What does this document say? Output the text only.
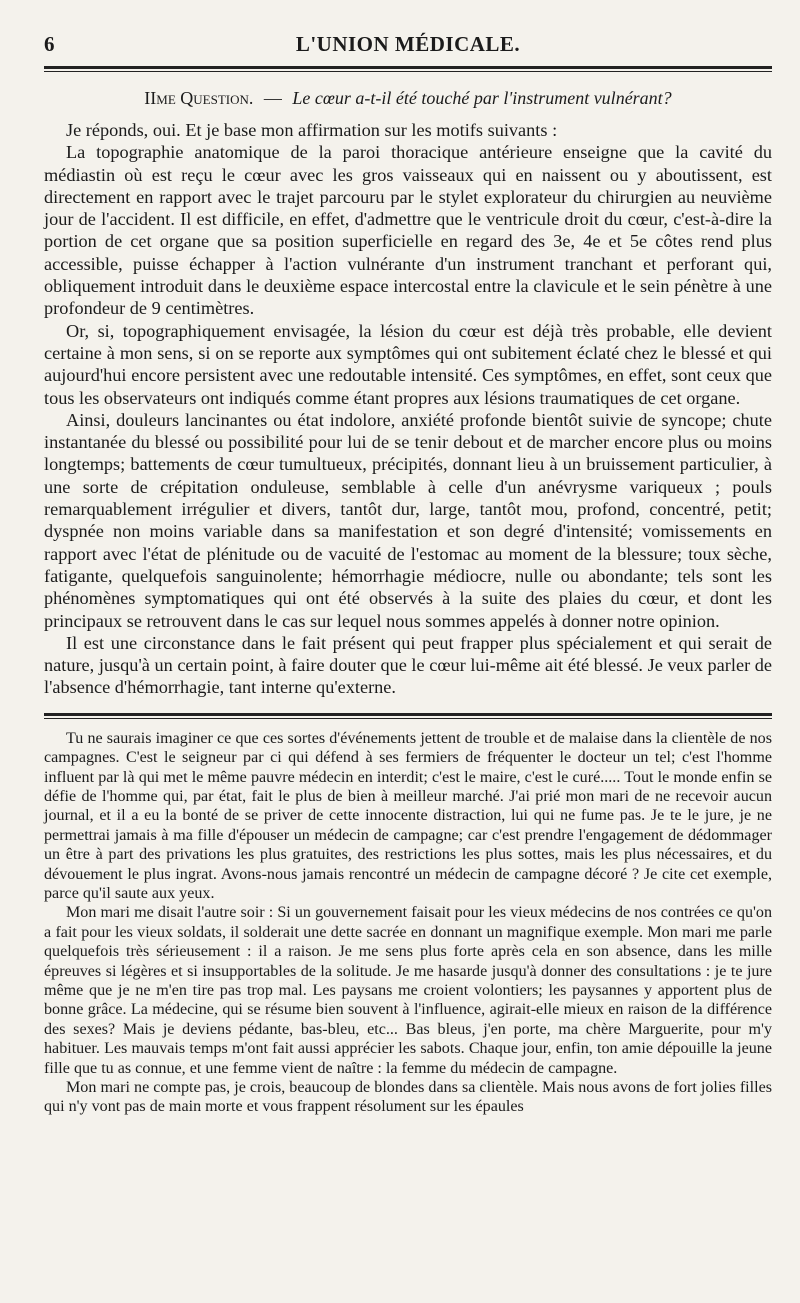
6	L'UNION MÉDICALE.
IIme Question. — Le cœur a-t-il été touché par l'instrument vulnérant?

Je réponds, oui. Et je base mon affirmation sur les motifs suivants :

La topographie anatomique de la paroi thoracique antérieure enseigne que la cavité du médiastin où est reçu le cœur avec les gros vaisseaux qui en naissent ou y aboutissent, est directement en rapport avec le trajet parcouru par le stylet explorateur du chirurgien au neuvième jour de l'accident. Il est difficile, en effet, d'admettre que le ventricule droit du cœur, c'est-à-dire la portion de cet organe que sa position superficielle en regard des 3e, 4e et 5e côtes rend plus accessible, puisse échapper à l'action vulnérante d'un instrument tranchant et perforant qui, obliquement introduit dans le deuxième espace intercostal entre la clavicule et le sein pénètre à une profondeur de 9 centimètres.

Or, si, topographiquement envisagée, la lésion du cœur est déjà très probable, elle devient certaine à mon sens, si on se reporte aux symptômes qui ont subitement éclaté chez le blessé et qui aujourd'hui encore persistent avec une redoutable intensité. Ces symptômes, en effet, sont ceux que tous les observateurs ont indiqués comme étant propres aux lésions traumatiques de cet organe.

Ainsi, douleurs lancinantes ou état indolore, anxiété profonde bientôt suivie de syncope; chute instantanée du blessé ou possibilité pour lui de se tenir debout et de marcher encore plus ou moins longtemps; battements de cœur tumultueux, précipités, donnant lieu à un bruissement particulier, à une sorte de crépitation onduleuse, semblable à celle d'un anévrysme variqueux ; pouls remarquablement irrégulier et divers, tantôt dur, large, tantôt mou, profond, concentré, petit; dyspnée non moins variable dans sa manifestation et son degré d'intensité; vomissements en rapport avec l'état de plénitude ou de vacuité de l'estomac au moment de la blessure; toux sèche, fatigante, quelquefois sanguinolente; hémorrhagie médiocre, nulle ou abondante; tels sont les phénomènes symptomatiques qui ont été observés à la suite des plaies du cœur, et dont les principaux se retrouvent dans le cas sur lequel nous sommes appelés à donner notre opinion.

Il est une circonstance dans le fait présent qui peut frapper plus spécialement et qui serait de nature, jusqu'à un certain point, à faire douter que le cœur lui-même ait été blessé. Je veux parler de l'absence d'hémorrhagie, tant interne qu'externe.

Tu ne saurais imaginer ce que ces sortes d'événements jettent de trouble et de malaise dans la clientèle de nos campagnes. C'est le seigneur par ci qui défend à ses fermiers de fréquenter le docteur un tel; c'est l'homme influent par là qui met le même pauvre médecin en interdit; c'est le maire, c'est le curé..... Tout le monde enfin se défie de l'homme qui, par état, fait le plus de bien à meilleur marché. J'ai prié mon mari de ne recevoir aucun journal, et il a eu la bonté de se priver de cette innocente distraction, lui qui ne fume pas. Je te le jure, je ne permettrai jamais à ma fille d'épouser un médecin de campagne; car c'est prendre l'engagement de dédommager un être à part des privations les plus gratuites, des restrictions les plus sottes, mais les plus nécessaires, et du dévouement le plus ingrat. Avons-nous jamais rencontré un médecin de campagne décoré ? Je cite cet exemple, parce qu'il saute aux yeux.

Mon mari me disait l'autre soir : Si un gouvernement faisait pour les vieux médecins de nos contrées ce qu'on a fait pour les vieux soldats, il solderait une dette sacrée en donnant un magnifique exemple. Mon mari me parle quelquefois très sérieusement : il a raison. Je me sens plus forte après cela en son absence, dans les mille épreuves si légères et si insupportables de la solitude. Je me hasarde jusqu'à donner des consultations : je te jure même que je ne m'en tire pas trop mal. Les paysans me croient volontiers; les paysannes y apportent plus de bonne grâce. La médecine, qui se résume bien souvent à l'influence, agirait-elle mieux en raison de la différence des sexes? Mais je deviens pédante, bas-bleu, etc... Bas bleus, j'en porte, ma chère Marguerite, pour m'y habituer. Les mauvais temps m'ont fait aussi apprécier les sabots. Chaque jour, enfin, ton amie dépouille la jeune fille que tu as connue, et une femme vient de naître : la femme du médecin de campagne.

Mon mari ne compte pas, je crois, beaucoup de blondes dans sa clientèle. Mais nous avons de fort jolies filles qui n'y vont pas de main morte et vous frappent résolument sur les épaules
